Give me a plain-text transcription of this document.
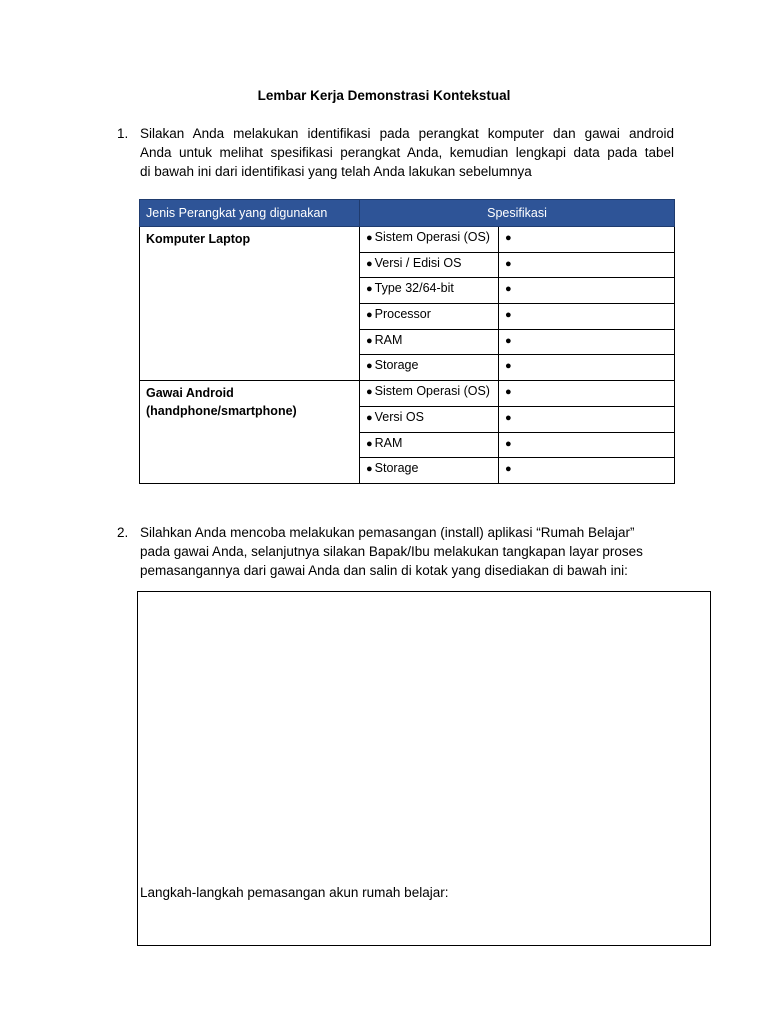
Lembar Kerja Demonstrasi Kontekstual
1. Silakan Anda melakukan identifikasi pada perangkat komputer dan gawai android
Anda untuk melihat spesifikasi perangkat Anda, kemudian lengkapi data pada tabel
di bawah ini dari identifikasi yang telah Anda lakukan sebelumnya
Jenis Perangkat yang digunakan	Spesifikasi	
Komputer Laptop	● Sistem Operasi (OS)	●
	● Versi / Edisi OS	●
	● Type 32/64-bit	●
	● Processor	●
	● RAM	●
	● Storage	●

Gawai Android
(handphone/smartphone)	● Sistem Operasi (OS)	●
	● Versi OS	●
	● RAM	●
	● Storage	●
2. Silahkan Anda mencoba melakukan pemasangan (install) aplikasi “Rumah Belajar”
pada gawai Anda, selanjutnya silakan Bapak/Ibu melakukan tangkapan layar proses
pemasangannya dari gawai Anda dan salin di kotak yang disediakan di bawah ini:
Langkah-langkah pemasangan akun rumah belajar:
